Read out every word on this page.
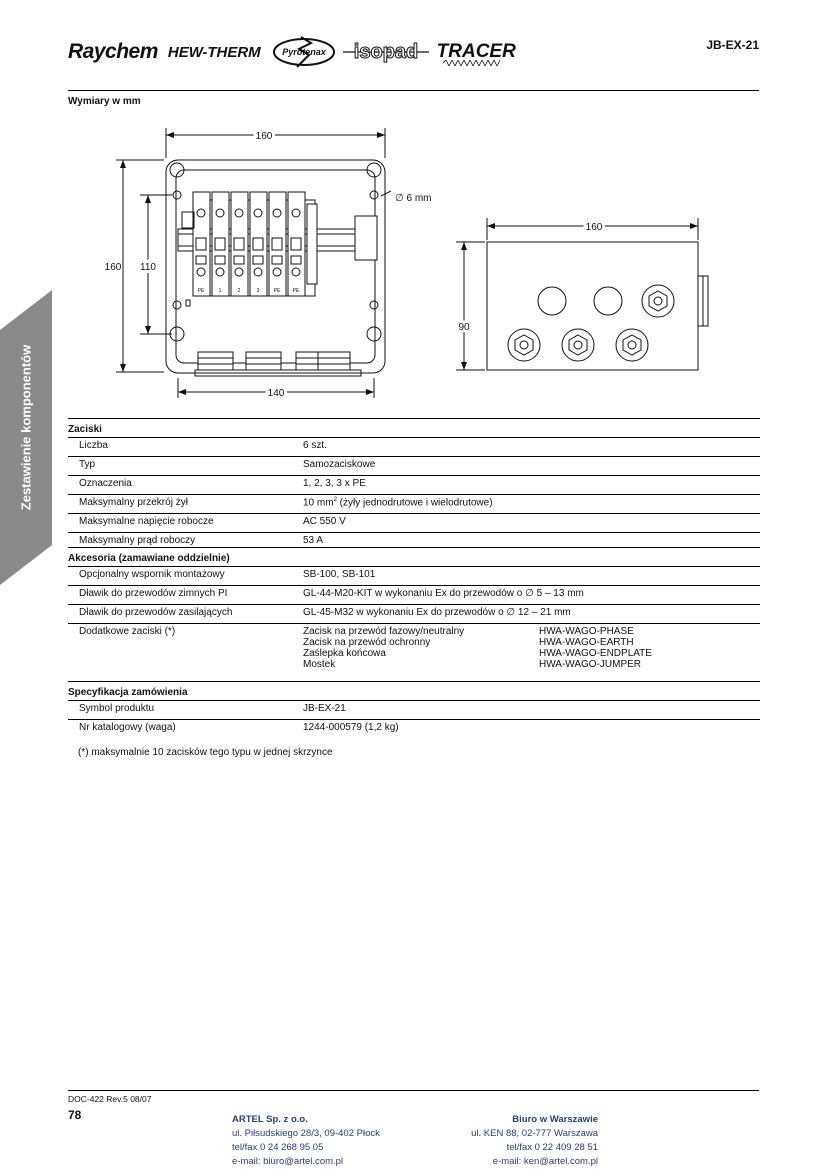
Raychem HEW-THERM Pyrotenax isopad TRACER	JB-EX-21
Wymiary w mm
Zestawienie komponentów
160
160 110
140
∅ 6 mm
160
90
PE	1	2	3	PE PE
Zaciski
Liczba	6 szt.
Typ	Samozaciskowe
Oznaczenia	1, 2, 3, 3 x PE
Maksymalny przekrój żył	10 $mm^2$ (żyły jednodrutowe i wielodrutowe)
Maksymalne napięcie robocze	AC 550 V
Maksymalny prąd roboczy	53 A
Akcesoria (zamawiane oddzielnie)
Opcjonalny wspornik montażowy	SB-100, SB-101
Dławik do przewodów zimnych PI	GL-44-M20-KIT w wykonaniu Ex do przewodów o ∅ 5 – 13 mm
Dławik do przewodów zasilających	GL-45-M32 w wykonaniu Ex do przewodów o ∅ 12 – 21 mm
Dodatkowe zaciski (*)	Zacisk na przewód fazowy/neutralny	HWA-WAGO-PHASE
Zacisk na przewód ochronny	HWA-WAGO-EARTH
Zaślepka końcowa	HWA-WAGO-ENDPLATE
Mostek	HWA-WAGO-JUMPER
Specyfikacja zamówienia
Symbol produktu	JB-EX-21
Nr katalogowy (waga)	1244-000579 (1,2 kg)
(*) maksymalnie 10 zacisków tego typu w jednej skrzynce
DOC-422 Rev.5 08/07
78	ARTEL Sp. z o.o.
ul. Piłsudskiego 28/3, 09-402 Płock
tel/fax 0 24 268 95 05
e-mail: biuro@artel.com.pl
Biuro w Warszawie
ul. KEN 88, 02-777 Warszawa
tel/fax 0 22 409 28 51
e-mail: ken@artel.com.pl
